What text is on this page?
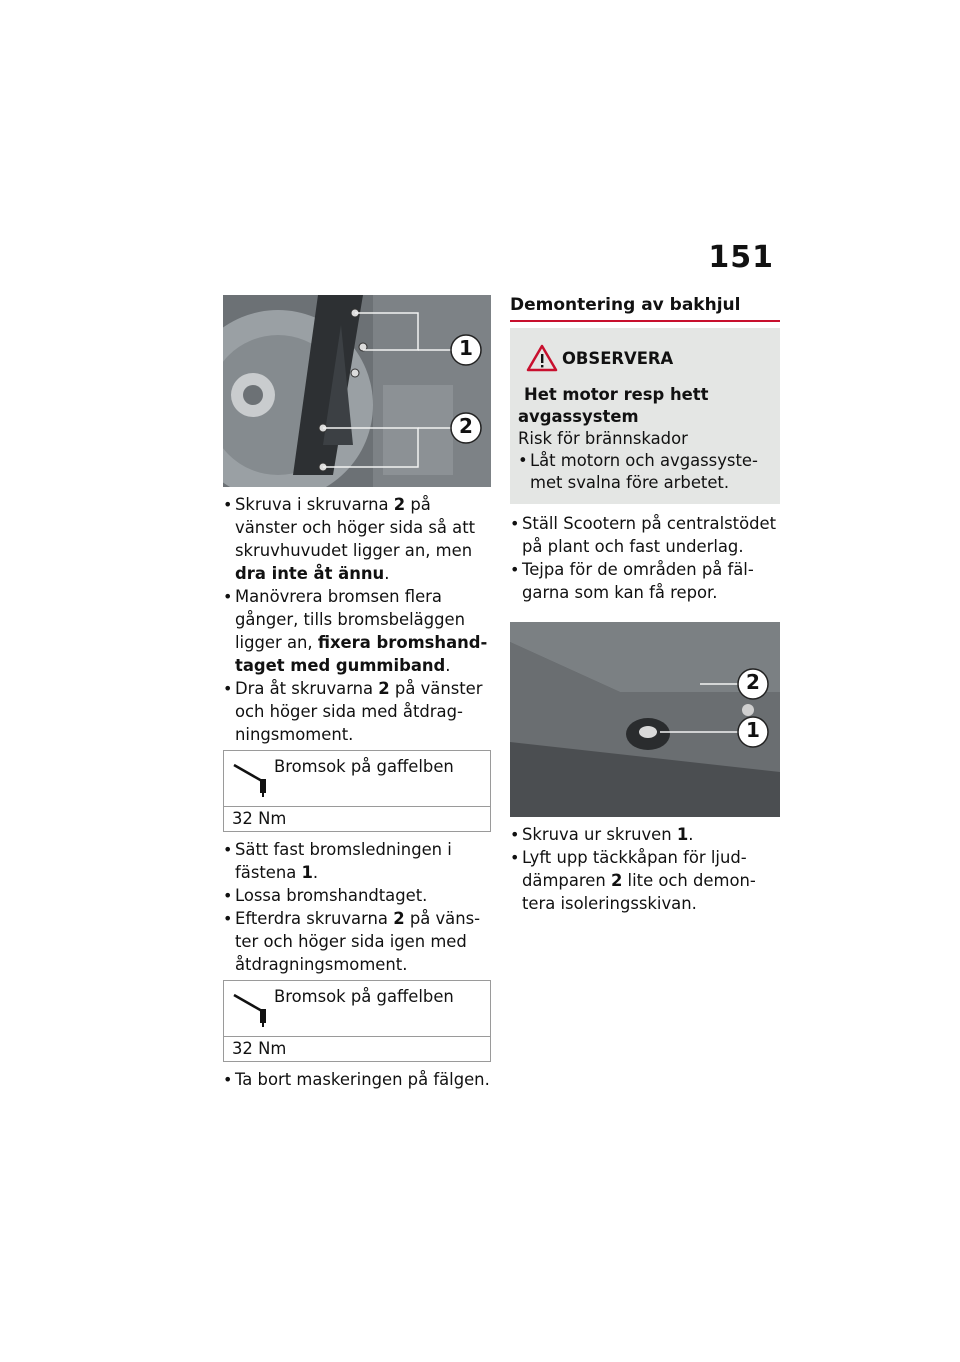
151
1
2
• Skruva i skruvarna 2 på vänster och höger sida så att skruvhuvudet ligger an, men dra inte åt ännu.
• Manövrera bromsen flera gånger, tills bromsbeläggen ligger an, fixera bromshandtaget med gummiband.
• Dra åt skruvarna 2 på vänster och höger sida med åtdragningsmoment.
Bromsok på gaffelben
32 Nm
• Sätt fast bromsledningen i fästena 1.
• Lossa bromshandtaget.
• Efterdra skruvarna 2 på vänster och höger sida igen med åtdragningsmoment.
Bromsok på gaffelben
32 Nm
• Ta bort maskeringen på fälgen.
Demontering av bakhjul
OBSERVERA
Het motor resp hett avgassystem
Risk för brännskador
• Låt motorn och avgassystemet svalna före arbetet.
• Ställ Scootern på centralstödet på plant och fast underlag.
• Tejpa för de områden på fälgarna som kan få repor.
2
1
• Skruva ur skruven 1.
• Lyft upp täckkåpan för ljuddämparen 2 lite och demontera isoleringsskivan.
